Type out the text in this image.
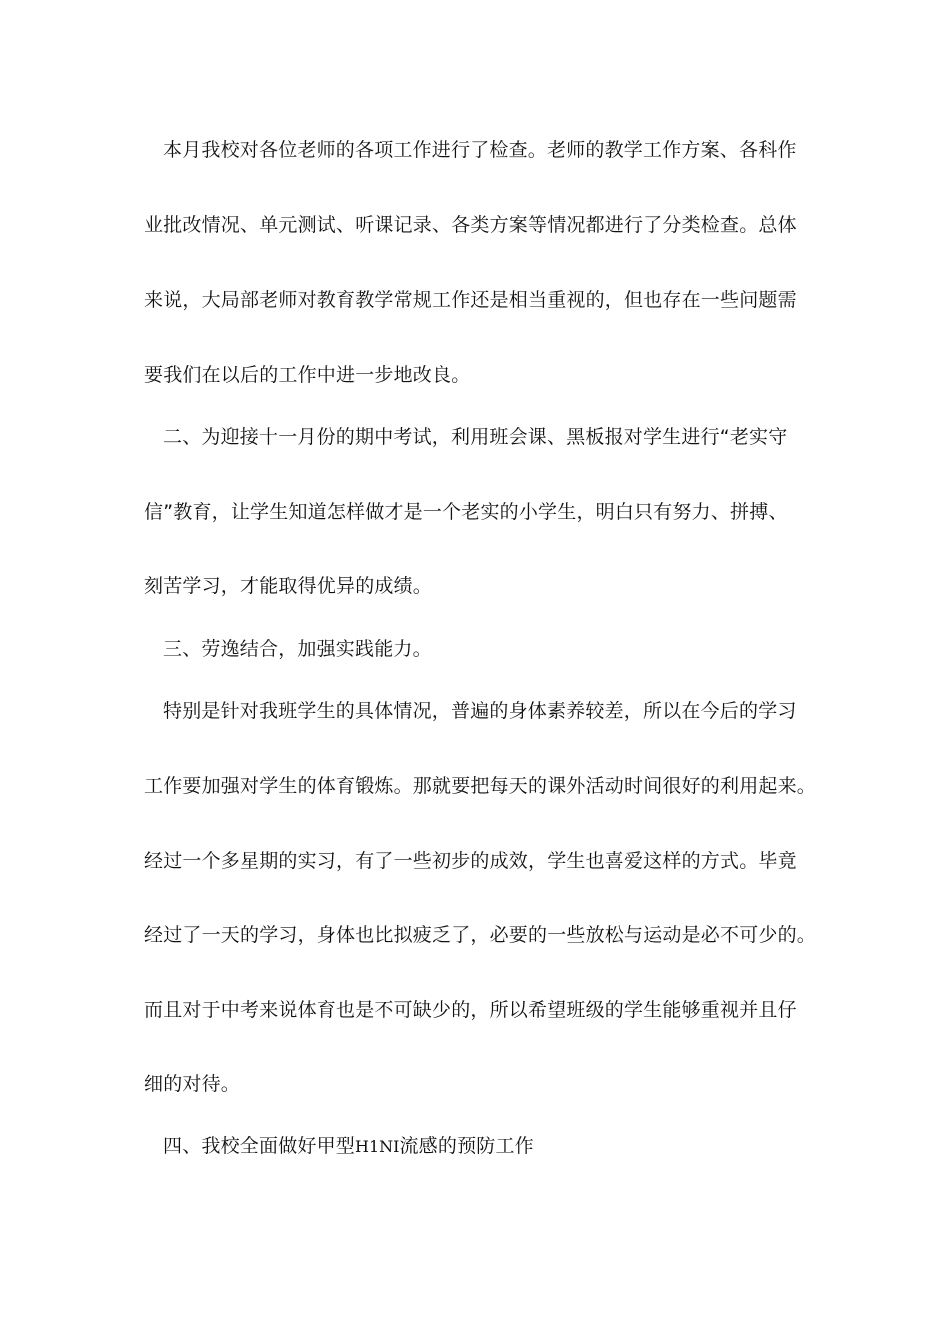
本月我校对各位老师的各项工作进行了检查。老师的教学工作方案、各科作
业批改情况、单元测试、听课记录、各类方案等情况都进行了分类检查。总体
来说，大局部老师对教育教学常规工作还是相当重视的，但也存在一些问题需
要我们在以后的工作中进一步地改良。
二、为迎接十一月份的期中考试，利用班会课、黑板报对学生进行“老实守
信”教育，让学生知道怎样做才是一个老实的小学生，明白只有努力、拼搏、
刻苦学习，才能取得优异的成绩。
三、劳逸结合，加强实践能力。
特别是针对我班学生的具体情况，普遍的身体素养较差，所以在今后的学习
工作要加强对学生的体育锻炼。那就要把每天的课外活动时间很好的利用起来。
经过一个多星期的实习，有了一些初步的成效，学生也喜爱这样的方式。毕竟
经过了一天的学习，身体也比拟疲乏了，必要的一些放松与运动是必不可少的。
而且对于中考来说体育也是不可缺少的，所以希望班级的学生能够重视并且仔
细的对待。
四、我校全面做好甲型H1NI流感的预防工作
